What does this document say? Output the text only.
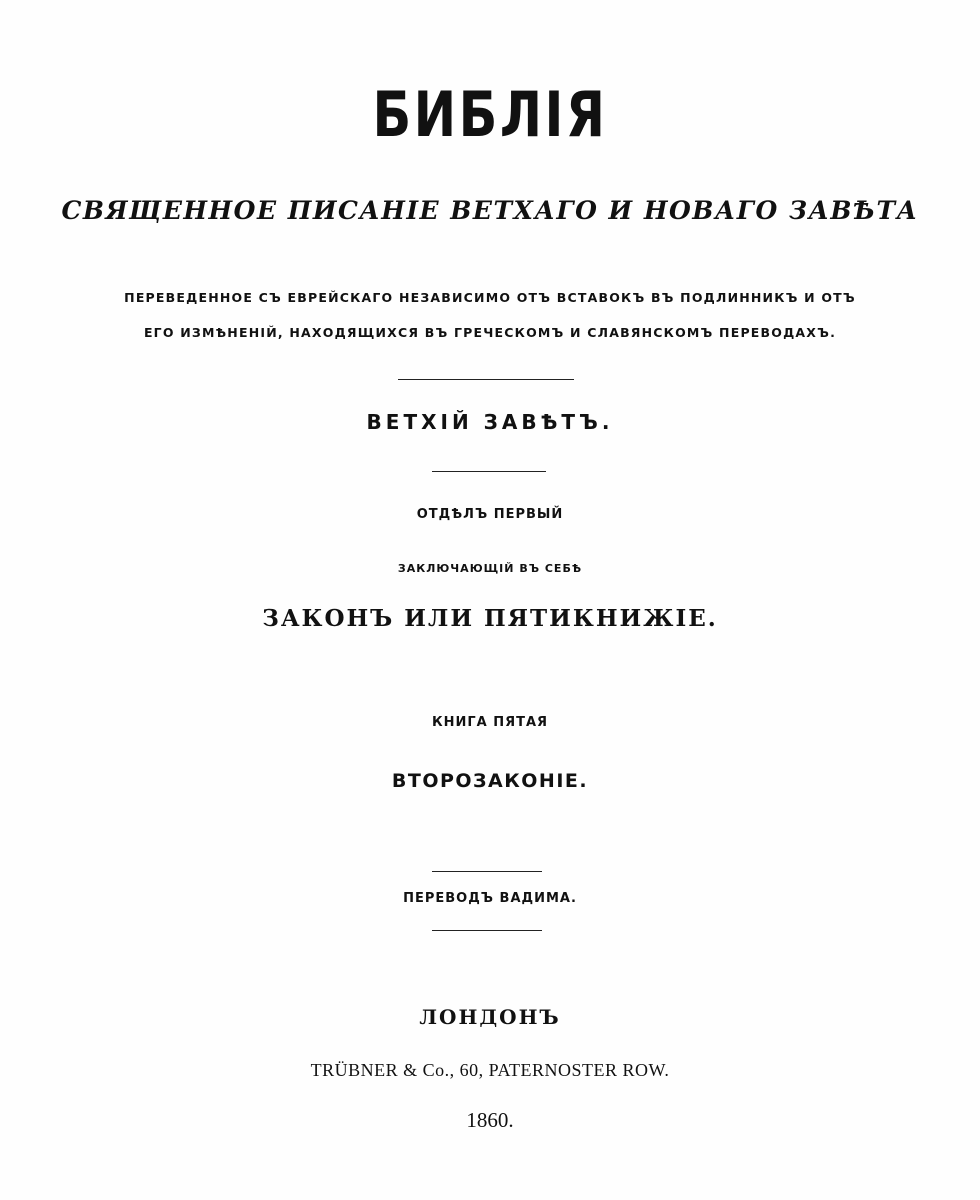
БИБЛІЯ
СВЯЩЕННОЕ ПИСАНІЕ ВЕТХАГО И НОВАГО ЗАВѢТА
ПЕРЕВЕДЕННОЕ СЪ ЕВРЕЙСКАГО НЕЗАВИСИМО ОТЪ ВСТАВОКЪ ВЪ ПОДЛИННИКЪ И ОТЪ
ЕГО ИЗМѢНЕНІЙ, НАХОДЯЩИХСЯ ВЪ ГРЕЧЕСКОМЪ И СЛАВЯНСКОМЪ ПЕРЕВОДАХЪ.
ВЕТХІЙ ЗАВѢТЪ.
ОТДѢЛЪ ПЕРВЫЙ
ЗАКЛЮЧАЮЩІЙ ВЪ СЕБѢ
ЗАКОНЪ ИЛИ ПЯТИКНИЖІЕ.
КНИГА ПЯТАЯ
ВТОРОЗАКОНІЕ.
ПЕРЕВОДЪ ВАДИМА.
ЛОНДОНЪ
TRÜBNER & Co., 60, PATERNOSTER ROW.
1860.
